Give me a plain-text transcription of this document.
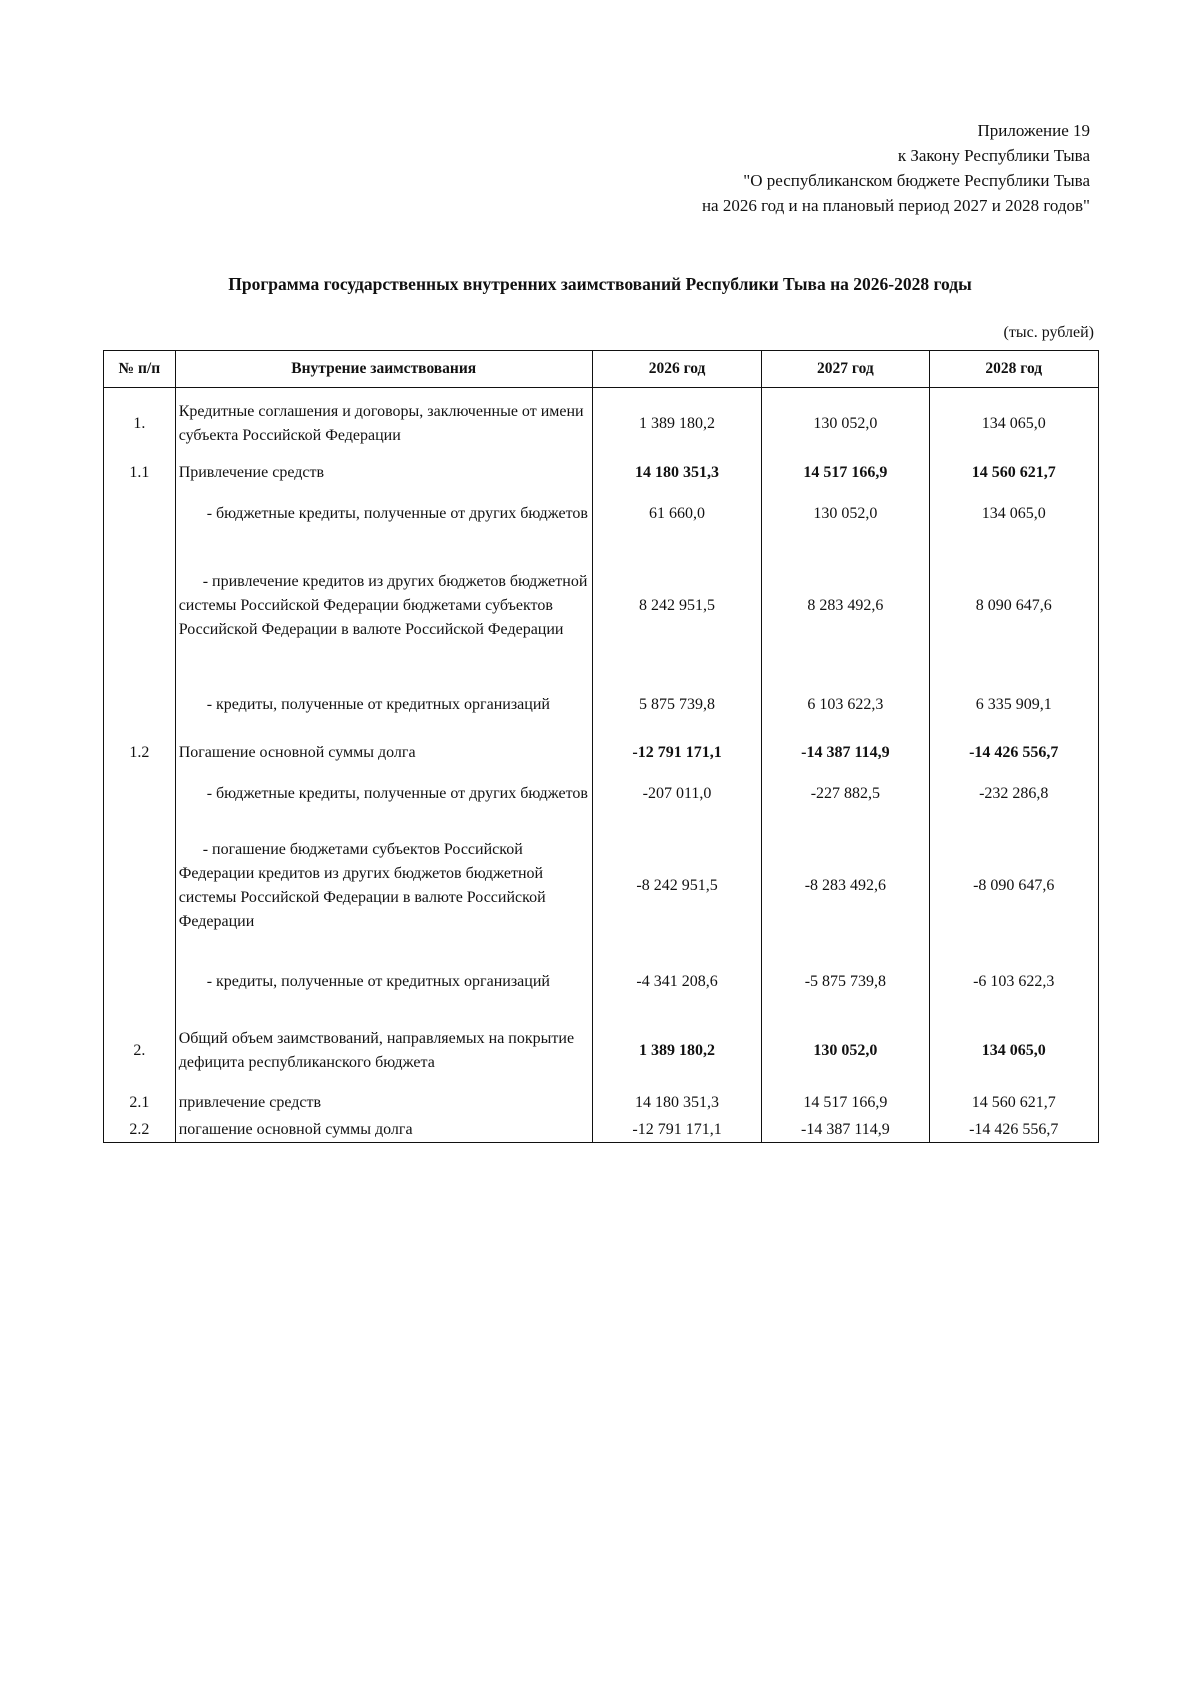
Приложение 19
к Закону Республики Тыва
"О республиканском бюджете Республики Тыва
на 2026 год и на плановый период 2027 и 2028 годов"
Программа государственных внутренних заимствований Республики Тыва на 2026-2028 годы
(тыс. рублей)
№ п/п	Внутрение заимствования	2026 год	2027 год	2028 год
1.	Кредитные соглашения и договоры, заключенные от имени субъекта Российской Федерации	1 389 180,2	130 052,0	134 065,0
1.1	Привлечение средств	14 180 351,3	14 517 166,9	14 560 621,7
	- бюджетные кредиты, полученные от других бюджетов	61 660,0	130 052,0	134 065,0
	- привлечение кредитов из других бюджетов бюджетной системы Российской Федерации бюджетами субъектов Российской Федерации в валюте Российской Федерации	8 242 951,5	8 283 492,6	8 090 647,6
	- кредиты, полученные от кредитных организаций	5 875 739,8	6 103 622,3	6 335 909,1
1.2	Погашение основной суммы долга	-12 791 171,1	-14 387 114,9	-14 426 556,7
	- бюджетные кредиты, полученные от других бюджетов	-207 011,0	-227 882,5	-232 286,8
	- погашение бюджетами субъектов Российской Федерации кредитов из других бюджетов бюджетной системы Российской Федерации в валюте Российской Федерации	-8 242 951,5	-8 283 492,6	-8 090 647,6
	- кредиты, полученные от кредитных организаций	-4 341 208,6	-5 875 739,8	-6 103 622,3
2.	Общий объем заимствований, направляемых на покрытие дефицита республиканского бюджета	1 389 180,2	130 052,0	134 065,0
2.1	привлечение средств	14 180 351,3	14 517 166,9	14 560 621,7
2.2	погашение основной суммы долга	-12 791 171,1	-14 387 114,9	-14 426 556,7
